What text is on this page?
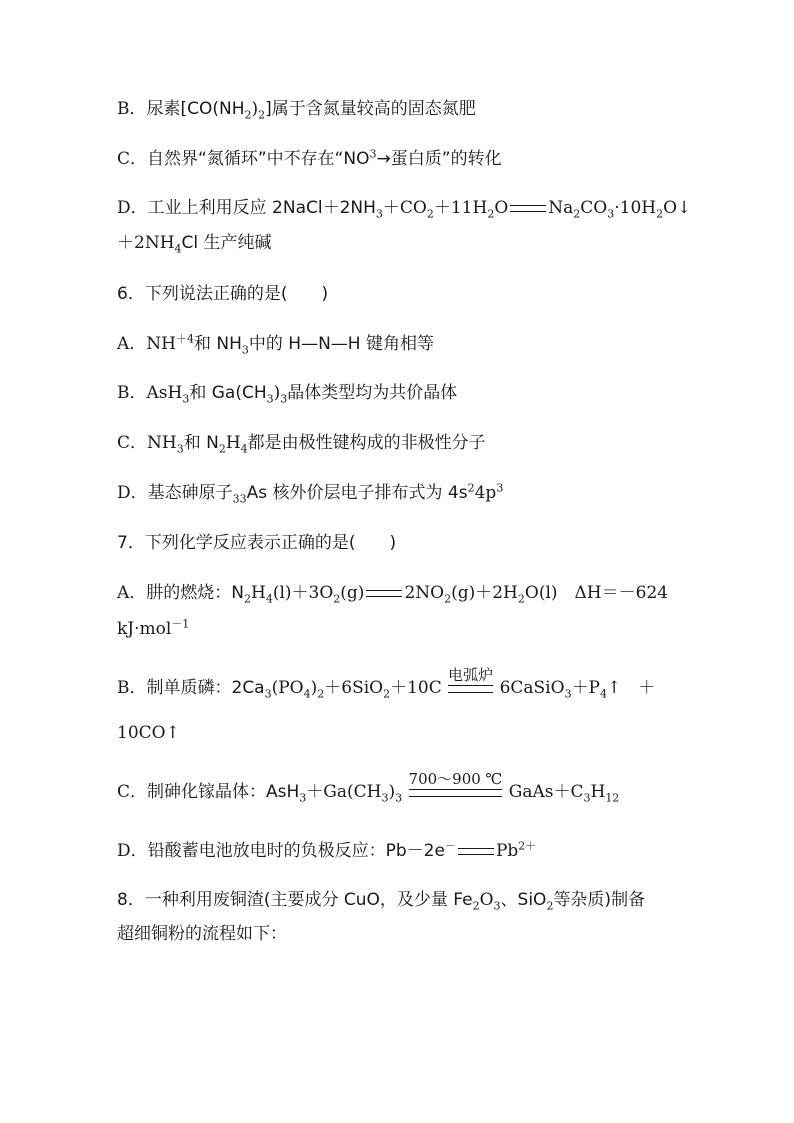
B．尿素$[CO(NH_2)_2]$属于含氮量较高的固态氮肥
C．自然界“氮循环”中不存在“$NO^3\to$蛋白质”的转化
D．工业上利用反应 $2NaCl+2NH_3+CO_2+11H_2O$ $Na_2CO_3\cdot 10H_2O↓$
$+2NH_4Cl$ 生产纯碱
6．下列说法正确的是(　　)
A．$NH^{+4}$和 $NH_3$中的 H—N—H 键角相等
B．AsH$_3$和 $Ga(CH_3)_3$晶体类型均为共价晶体
C．$NH_3$和 $N_2H_4$都是由极性键构成的非极性分子
D．基态砷原子$_{33}$As 核外价层电子排布式为 $4s^24p^3$
7．下列化学反应表示正确的是(　　)
A．肼的燃烧：$N_2H_4(l)+3O_2(g)$ $2NO_2(g)+2H_2O(l)$　ΔH＝－624
kJ·mol$^{-1}$
B．制单质磷：$2Ca_3(PO_4)_2+6SiO_2+10C$
电弧炉
$6CaSiO_3+P_4↑$　＋
10CO↑
C．制砷化镓晶体：$AsH_3+Ga(CH_3)_3$
700～900 ℃
$GaAs+C_3H_{12}$
D．铅酸蓄电池放电时的负极反应：Pb－2e－ $Pb^{2+}$
8．一种利用废铜渣(主要成分 CuO，及少量 $Fe_2O_3$、SiO$_2$等杂质)制备
超细铜粉的流程如下：
